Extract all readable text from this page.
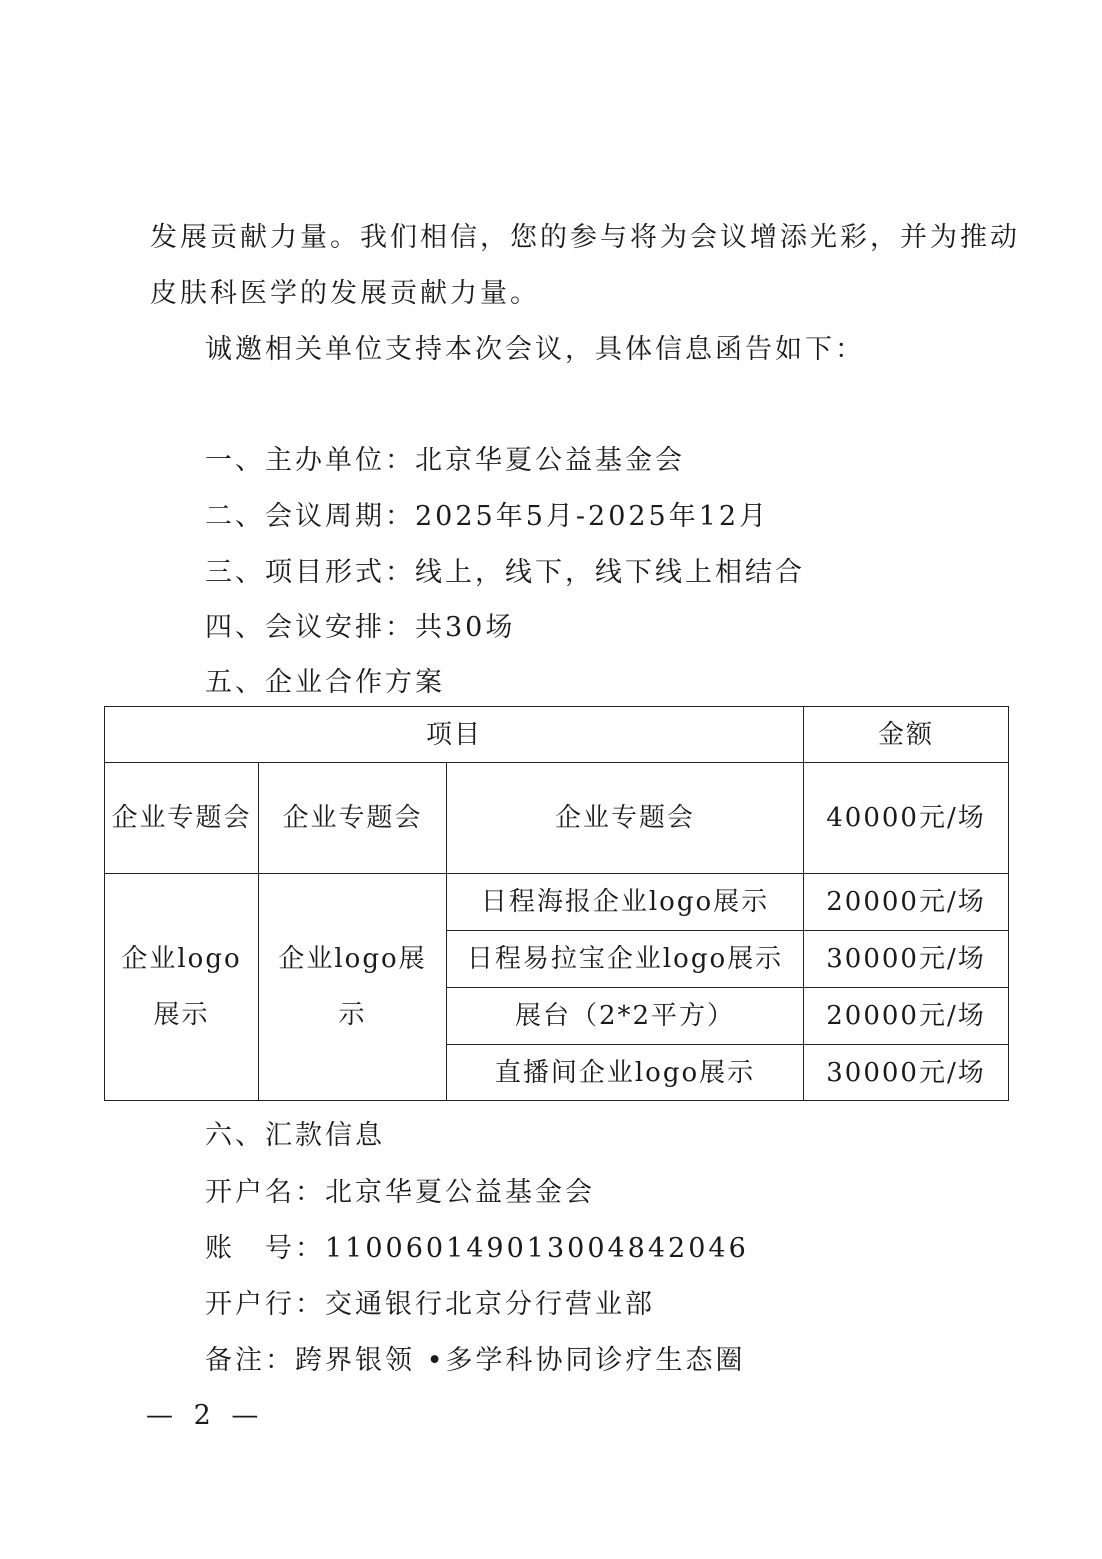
发展贡献力量。我们相信，您的参与将为会议增添光彩，并为推动
皮肤科医学的发展贡献力量。
诚邀相关单位支持本次会议，具体信息函告如下：
一、主办单位：北京华夏公益基金会
二、会议周期：2025年5月-2025年12月
三、项目形式：线上，线下，线下线上相结合
四、会议安排：共30场
五、企业合作方案
项目			金额
企业专题会	企业专题会	企业专题会	40000元/场
企业logo展示	企业logo展示	日程海报企业logo展示	20000元/场
		日程易拉宝企业logo展示	30000元/场
		展台（2*2平方）	20000元/场
		直播间企业logo展示	30000元/场
六、汇款信息
开户名：北京华夏公益基金会
账　号：110060149013004842046
开户行：交通银行北京分行营业部
备注：跨界银领 •多学科协同诊疗生态圈
— 2 —
